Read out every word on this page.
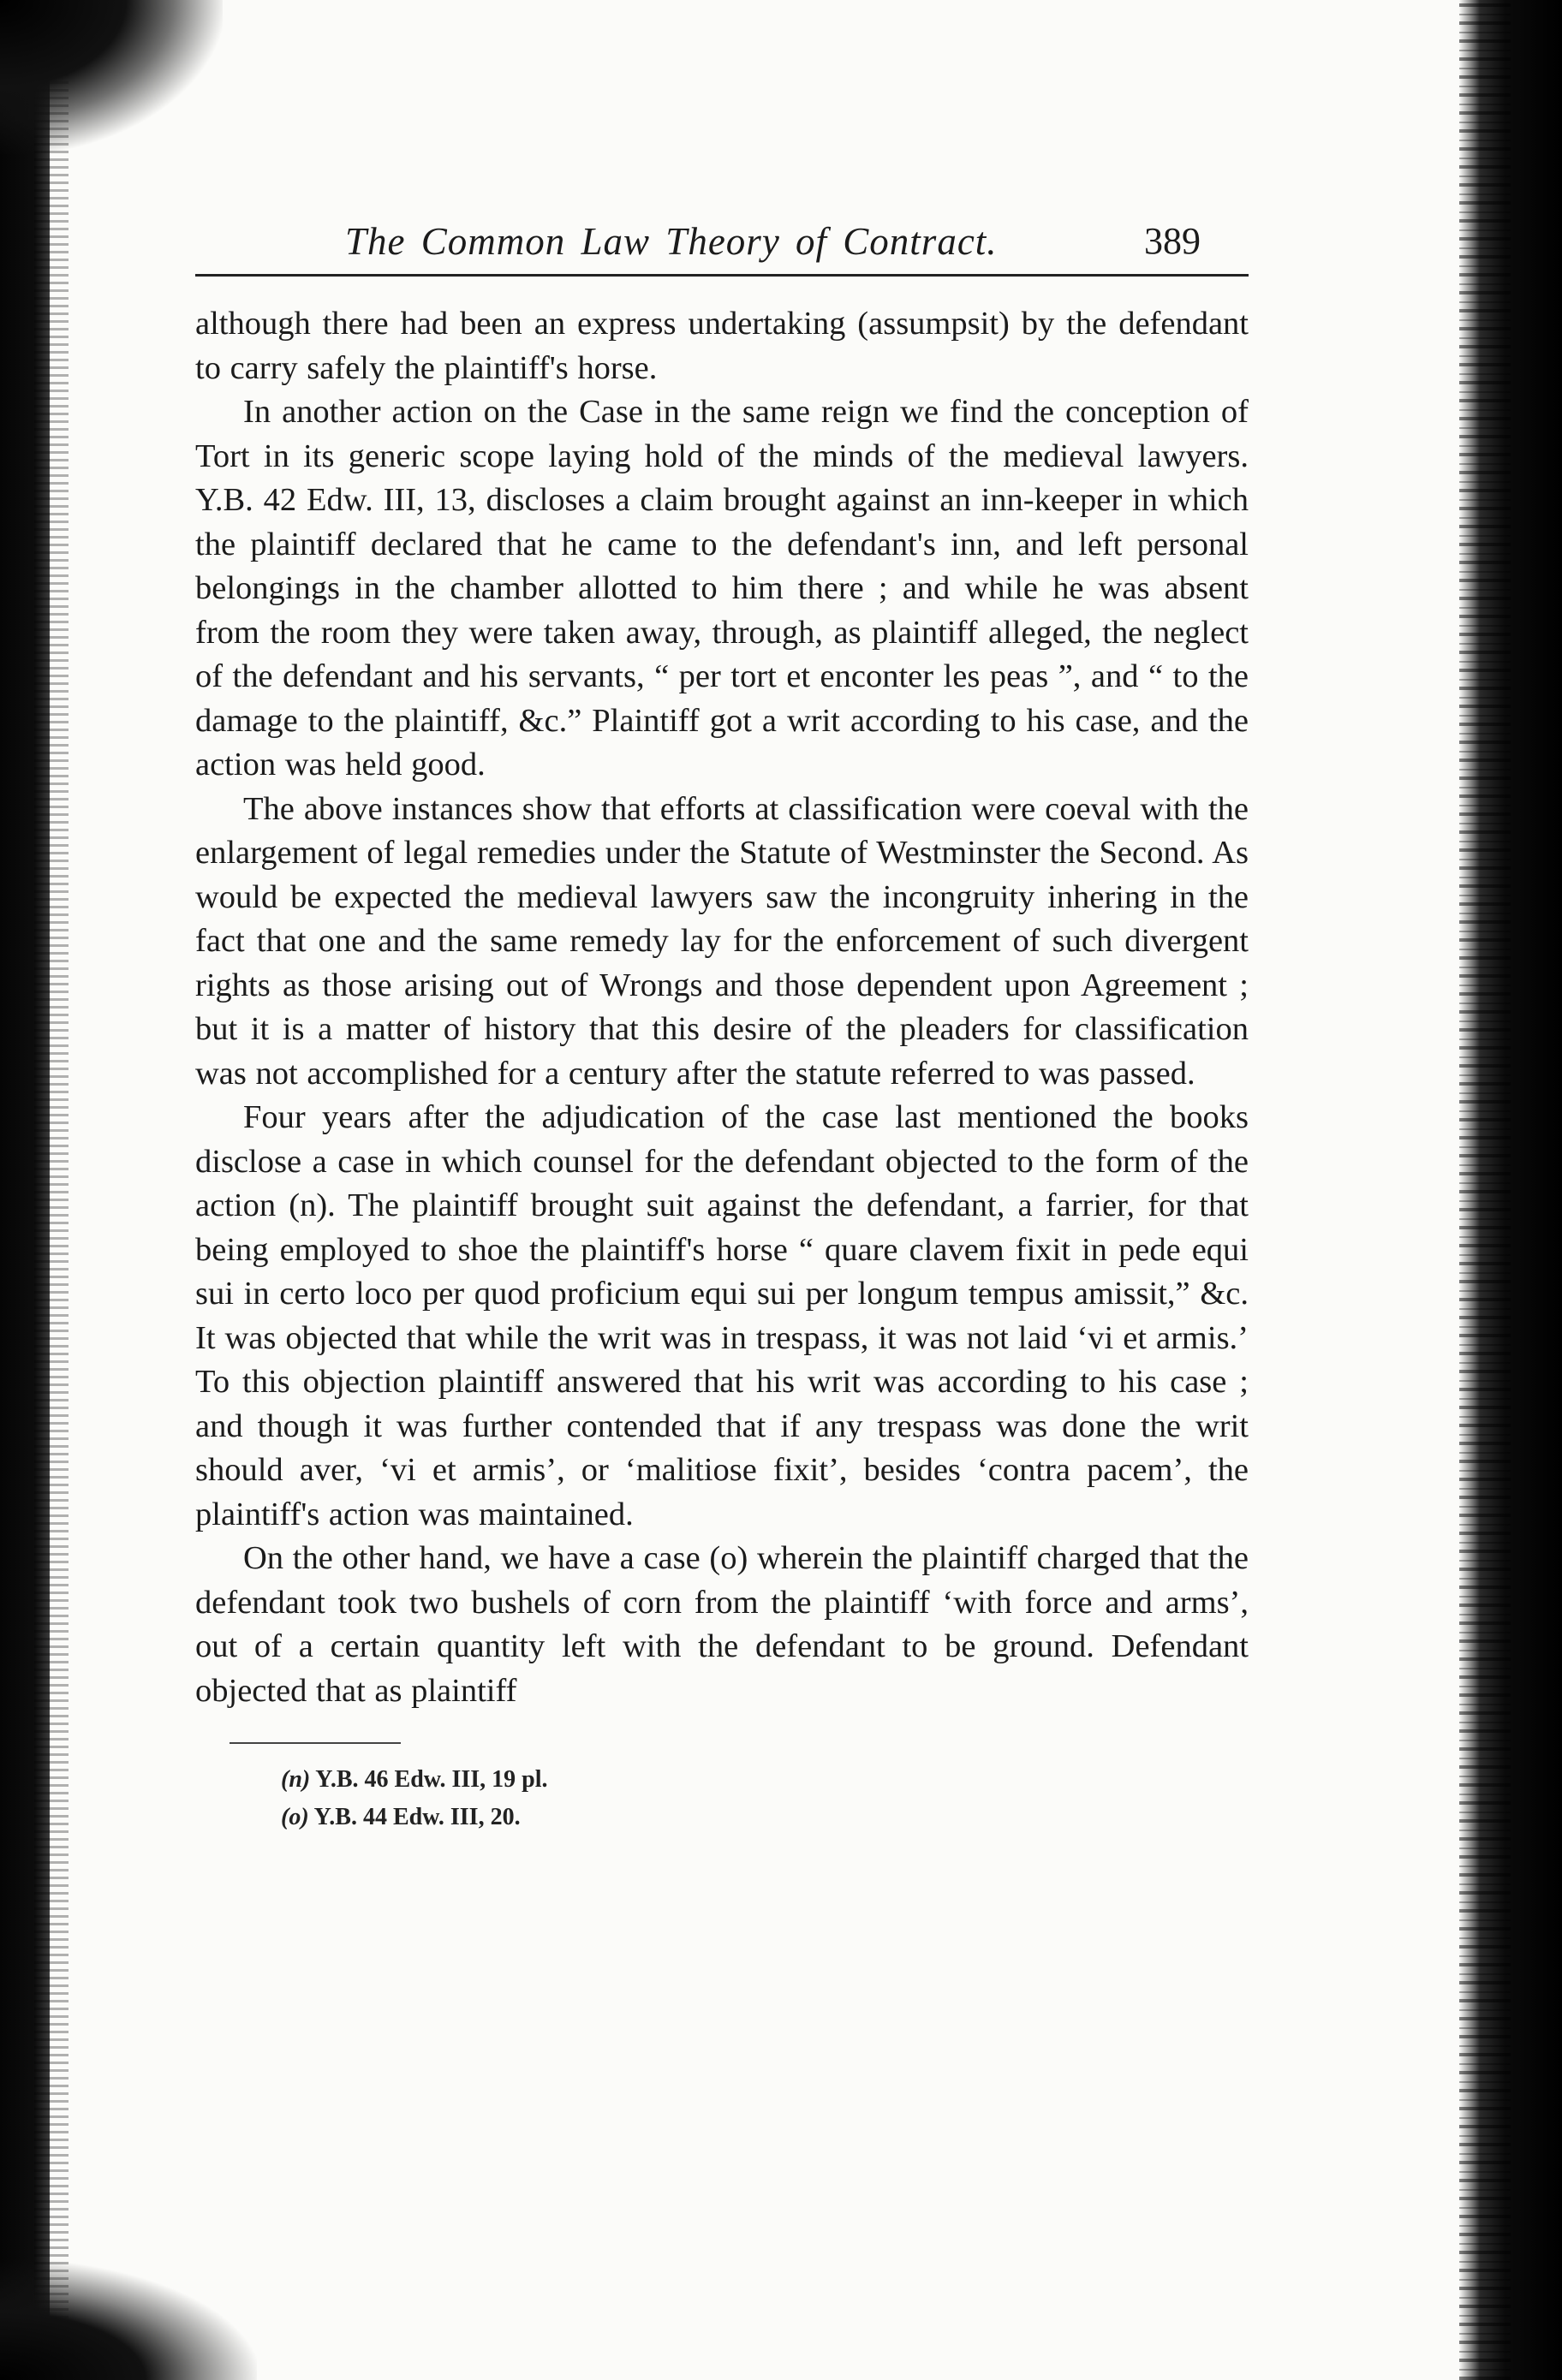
The Common Law Theory of Contract.	389

although there had been an express undertaking (assumpsit) by the defendant to carry safely the plaintiff's horse.

In another action on the Case in the same reign we find the conception of Tort in its generic scope laying hold of the minds of the medieval lawyers. Y.B. 42 Edw. III, 13, discloses a claim brought against an inn-keeper in which the plaintiff declared that he came to the defendant's inn, and left personal belongings in the chamber allotted to him there ; and while he was absent from the room they were taken away, through, as plaintiff alleged, the neglect of the defendant and his servants, “ per tort et enconter les peas ”, and “ to the damage to the plaintiff, &c.” Plaintiff got a writ according to his case, and the action was held good.

The above instances show that efforts at classification were coeval with the enlargement of legal remedies under the Statute of Westminster the Second. As would be expected the medieval lawyers saw the incongruity inhering in the fact that one and the same remedy lay for the enforcement of such divergent rights as those arising out of Wrongs and those dependent upon Agreement ; but it is a matter of history that this desire of the pleaders for classification was not accomplished for a century after the statute referred to was passed.

Four years after the adjudication of the case last mentioned the books disclose a case in which counsel for the defendant objected to the form of the action (n). The plaintiff brought suit against the defendant, a farrier, for that being employed to shoe the plaintiff's horse “ quare clavem fixit in pede equi sui in certo loco per quod proficium equi sui per longum tempus amissit,” &c. It was objected that while the writ was in trespass, it was not laid ‘vi et armis.’ To this objection plaintiff answered that his writ was according to his case ; and though it was further contended that if any trespass was done the writ should aver, ‘vi et armis’, or ‘malitiose fixit’, besides ‘contra pacem’, the plaintiff's action was maintained.

On the other hand, we have a case (o) wherein the plaintiff charged that the defendant took two bushels of corn from the plaintiff ‘with force and arms’, out of a certain quantity left with the defendant to be ground. Defendant objected that as plaintiff

(n) Y.B. 46 Edw. III, 19 pl.
(o) Y.B. 44 Edw. III, 20.
